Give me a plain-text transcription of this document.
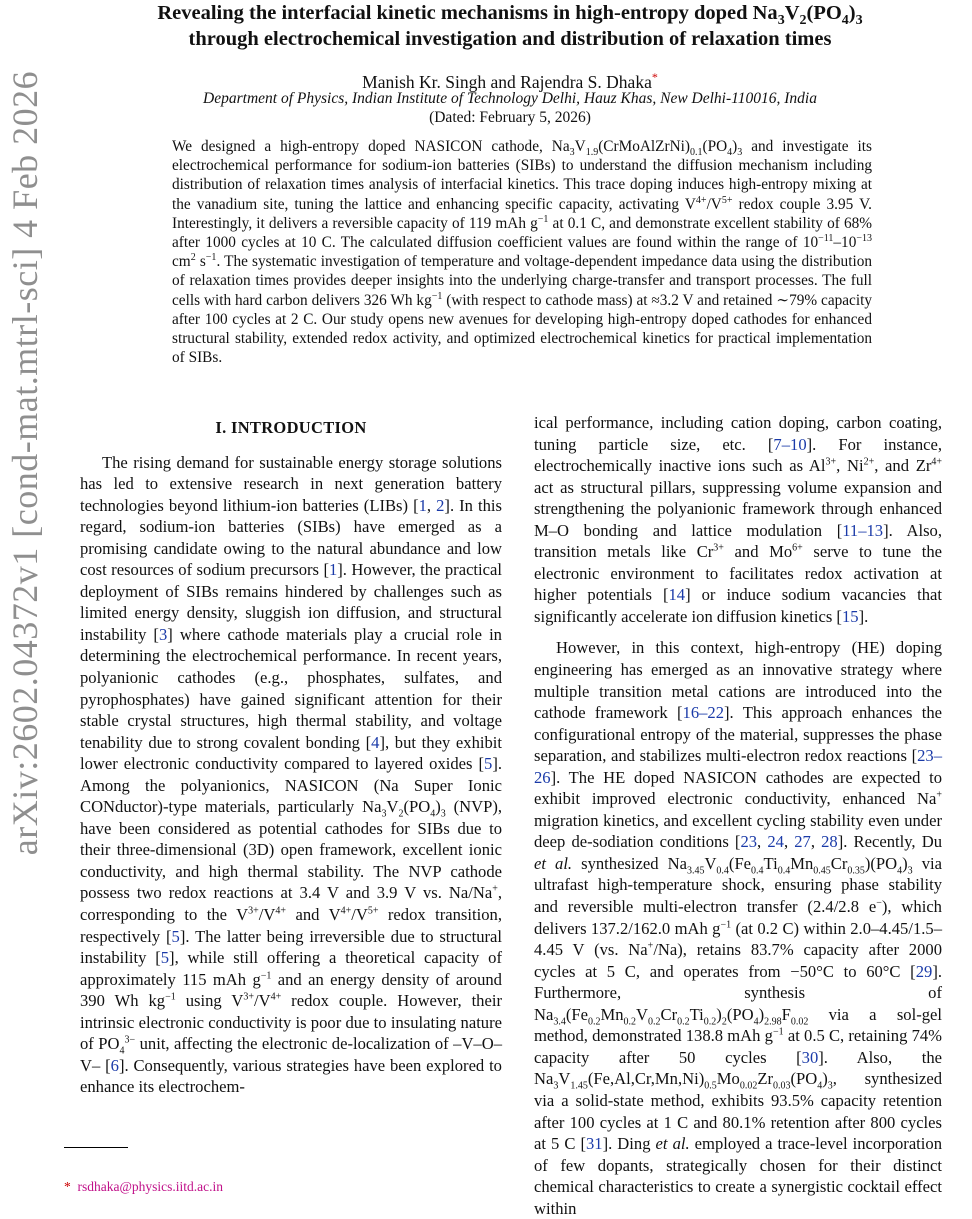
arXiv:2602.04372v1 [cond-mat.mtrl-sci] 4 Feb 2026
Revealing the interfacial kinetic mechanisms in high-entropy doped $Na_3V_2(PO_4)_3$
through electrochemical investigation and distribution of relaxation times
Manish Kr. Singh and Rajendra S. Dhaka*
Department of Physics, Indian Institute of Technology Delhi, Hauz Khas, New Delhi-110016, India
(Dated: February 5, 2026)

We designed a high-entropy doped NASICON cathode, $Na_3V_{1.9}(CrMoAlZrNi)_{0.1}(PO_4)_3$ and investigate its electrochemical performance for sodium-ion batteries (SIBs) to understand the diffusion mechanism including distribution of relaxation times analysis of interfacial kinetics. This trace doping induces high-entropy mixing at the vanadium site, tuning the lattice and enhancing specific capacity, activating $V^{4+}/V^{5+}$ redox couple 3.95 V. Interestingly, it delivers a reversible capacity of 119 mAh $g^{-1}$ at 0.1 C, and demonstrate excellent stability of 68% after 1000 cycles at 10 C. The calculated diffusion coefficient values are found within the range of $10^{-11}-10^{-13}$ $cm^2$ $s^{-1}$. The systematic investigation of temperature and voltage-dependent impedance data using the distribution of relaxation times provides deeper insights into the underlying charge-transfer and transport processes. The full cells with hard carbon delivers 326 Wh $kg^{-1}$ (with respect to cathode mass) at ≈3.2 V and retained ∼79% capacity after 100 cycles at 2 C. Our study opens new avenues for developing high-entropy doped cathodes for enhanced structural stability, extended redox activity, and optimized electrochemical kinetics for practical implementation of SIBs.

I. INTRODUCTION

The rising demand for sustainable energy storage solutions has led to extensive research in next generation battery technologies beyond lithium-ion batteries (LIBs) [1, 2]. In this regard, sodium-ion batteries (SIBs) have emerged as a promising candidate owing to the natural abundance and low cost resources of sodium precursors [1]. However, the practical deployment of SIBs remains hindered by challenges such as limited energy density, sluggish ion diffusion, and structural instability [3] where cathode materials play a crucial role in determining the electrochemical performance. In recent years, polyanionic cathodes (e.g., phosphates, sulfates, and pyrophosphates) have gained significant attention for their stable crystal structures, high thermal stability, and voltage tenability due to strong covalent bonding [4], but they exhibit lower electronic conductivity compared to layered oxides [5]. Among the polyanionics, NASICON (Na Super Ionic CONductor)-type materials, particularly $Na_3V_2(PO_4)_3$ (NVP), have been considered as potential cathodes for SIBs due to their three-dimensional (3D) open framework, excellent ionic conductivity, and high thermal stability. The NVP cathode possess two redox reactions at 3.4 V and 3.9 V vs. Na/Na+, corresponding to the $V^{3+}/V^{4+}$ and $V^{4+}/V^{5+}$ redox transition, respectively [5]. The latter being irreversible due to structural instability [5], while still offering a theoretical capacity of approximately 115 mAh $g^{-1}$ and an energy density of around 390 Wh $kg^{-1}$ using $V^{3+}/V^{4+}$ redox couple. However, their intrinsic electronic conductivity is poor due to insulating nature of $PO_4^{3-}$ unit, affecting the electronic de-localization of –V–O–V– [6]. Consequently, various strategies have been explored to enhance its electrochem-

ical performance, including cation doping, carbon coating, tuning particle size, etc. [7–10]. For instance, electrochemically inactive ions such as $Al^{3+}$, $Ni^{2+}$, and $Zr^{4+}$ act as structural pillars, suppressing volume expansion and strengthening the polyanionic framework through enhanced M–O bonding and lattice modulation [11–13]. Also, transition metals like $Cr^{3+}$ and $Mo^{6+}$ serve to tune the electronic environment to facilitates redox activation at higher potentials [14] or induce sodium vacancies that significantly accelerate ion diffusion kinetics [15].

However, in this context, high-entropy (HE) doping engineering has emerged as an innovative strategy where multiple transition metal cations are introduced into the cathode framework [16–22]. This approach enhances the configurational entropy of the material, suppresses the phase separation, and stabilizes multi-electron redox reactions [23–26]. The HE doped NASICON cathodes are expected to exhibit improved electronic conductivity, enhanced Na+ migration kinetics, and excellent cycling stability even under deep de-sodiation conditions [23, 24, 27, 28]. Recently, Du et al. synthesized $Na_{3.45}V_{0.4}(Fe_{0.4}Ti_{0.4}Mn_{0.45}Cr_{0.35})(PO_4)_3$ via ultrafast high-temperature shock, ensuring phase stability and reversible multi-electron transfer (2.4/2.8 e−), which delivers 137.2/162.0 mAh $g^{-1}$ (at 0.2 C) within 2.0–4.45/1.5–4.45 V (vs. Na+/Na), retains 83.7% capacity after 2000 cycles at 5 C, and operates from −50°C to 60°C [29]. Furthermore, synthesis of $Na_{3.4}(Fe_{0.2}Mn_{0.2}V_{0.2}Cr_{0.2}Ti_{0.2})_2(PO_4)_{2.98}F_{0.02}$ via a sol-gel method, demonstrated 138.8 mAh $g^{-1}$ at 0.5 C, retaining 74% capacity after 50 cycles [30]. Also, the $Na_3V_{1.45}(Fe,Al,Cr,Mn,Ni)_{0.5}Mo_{0.02}Zr_{0.03}(PO_4)_3$, synthesized via a solid-state method, exhibits 93.5% capacity retention after 100 cycles at 1 C and 80.1% retention after 800 cycles at 5 C [31]. Ding et al. employed a trace-level incorporation of few dopants, strategically chosen for their distinct chemical characteristics to create a synergistic cocktail effect within

* rsdhaka@physics.iitd.ac.in
